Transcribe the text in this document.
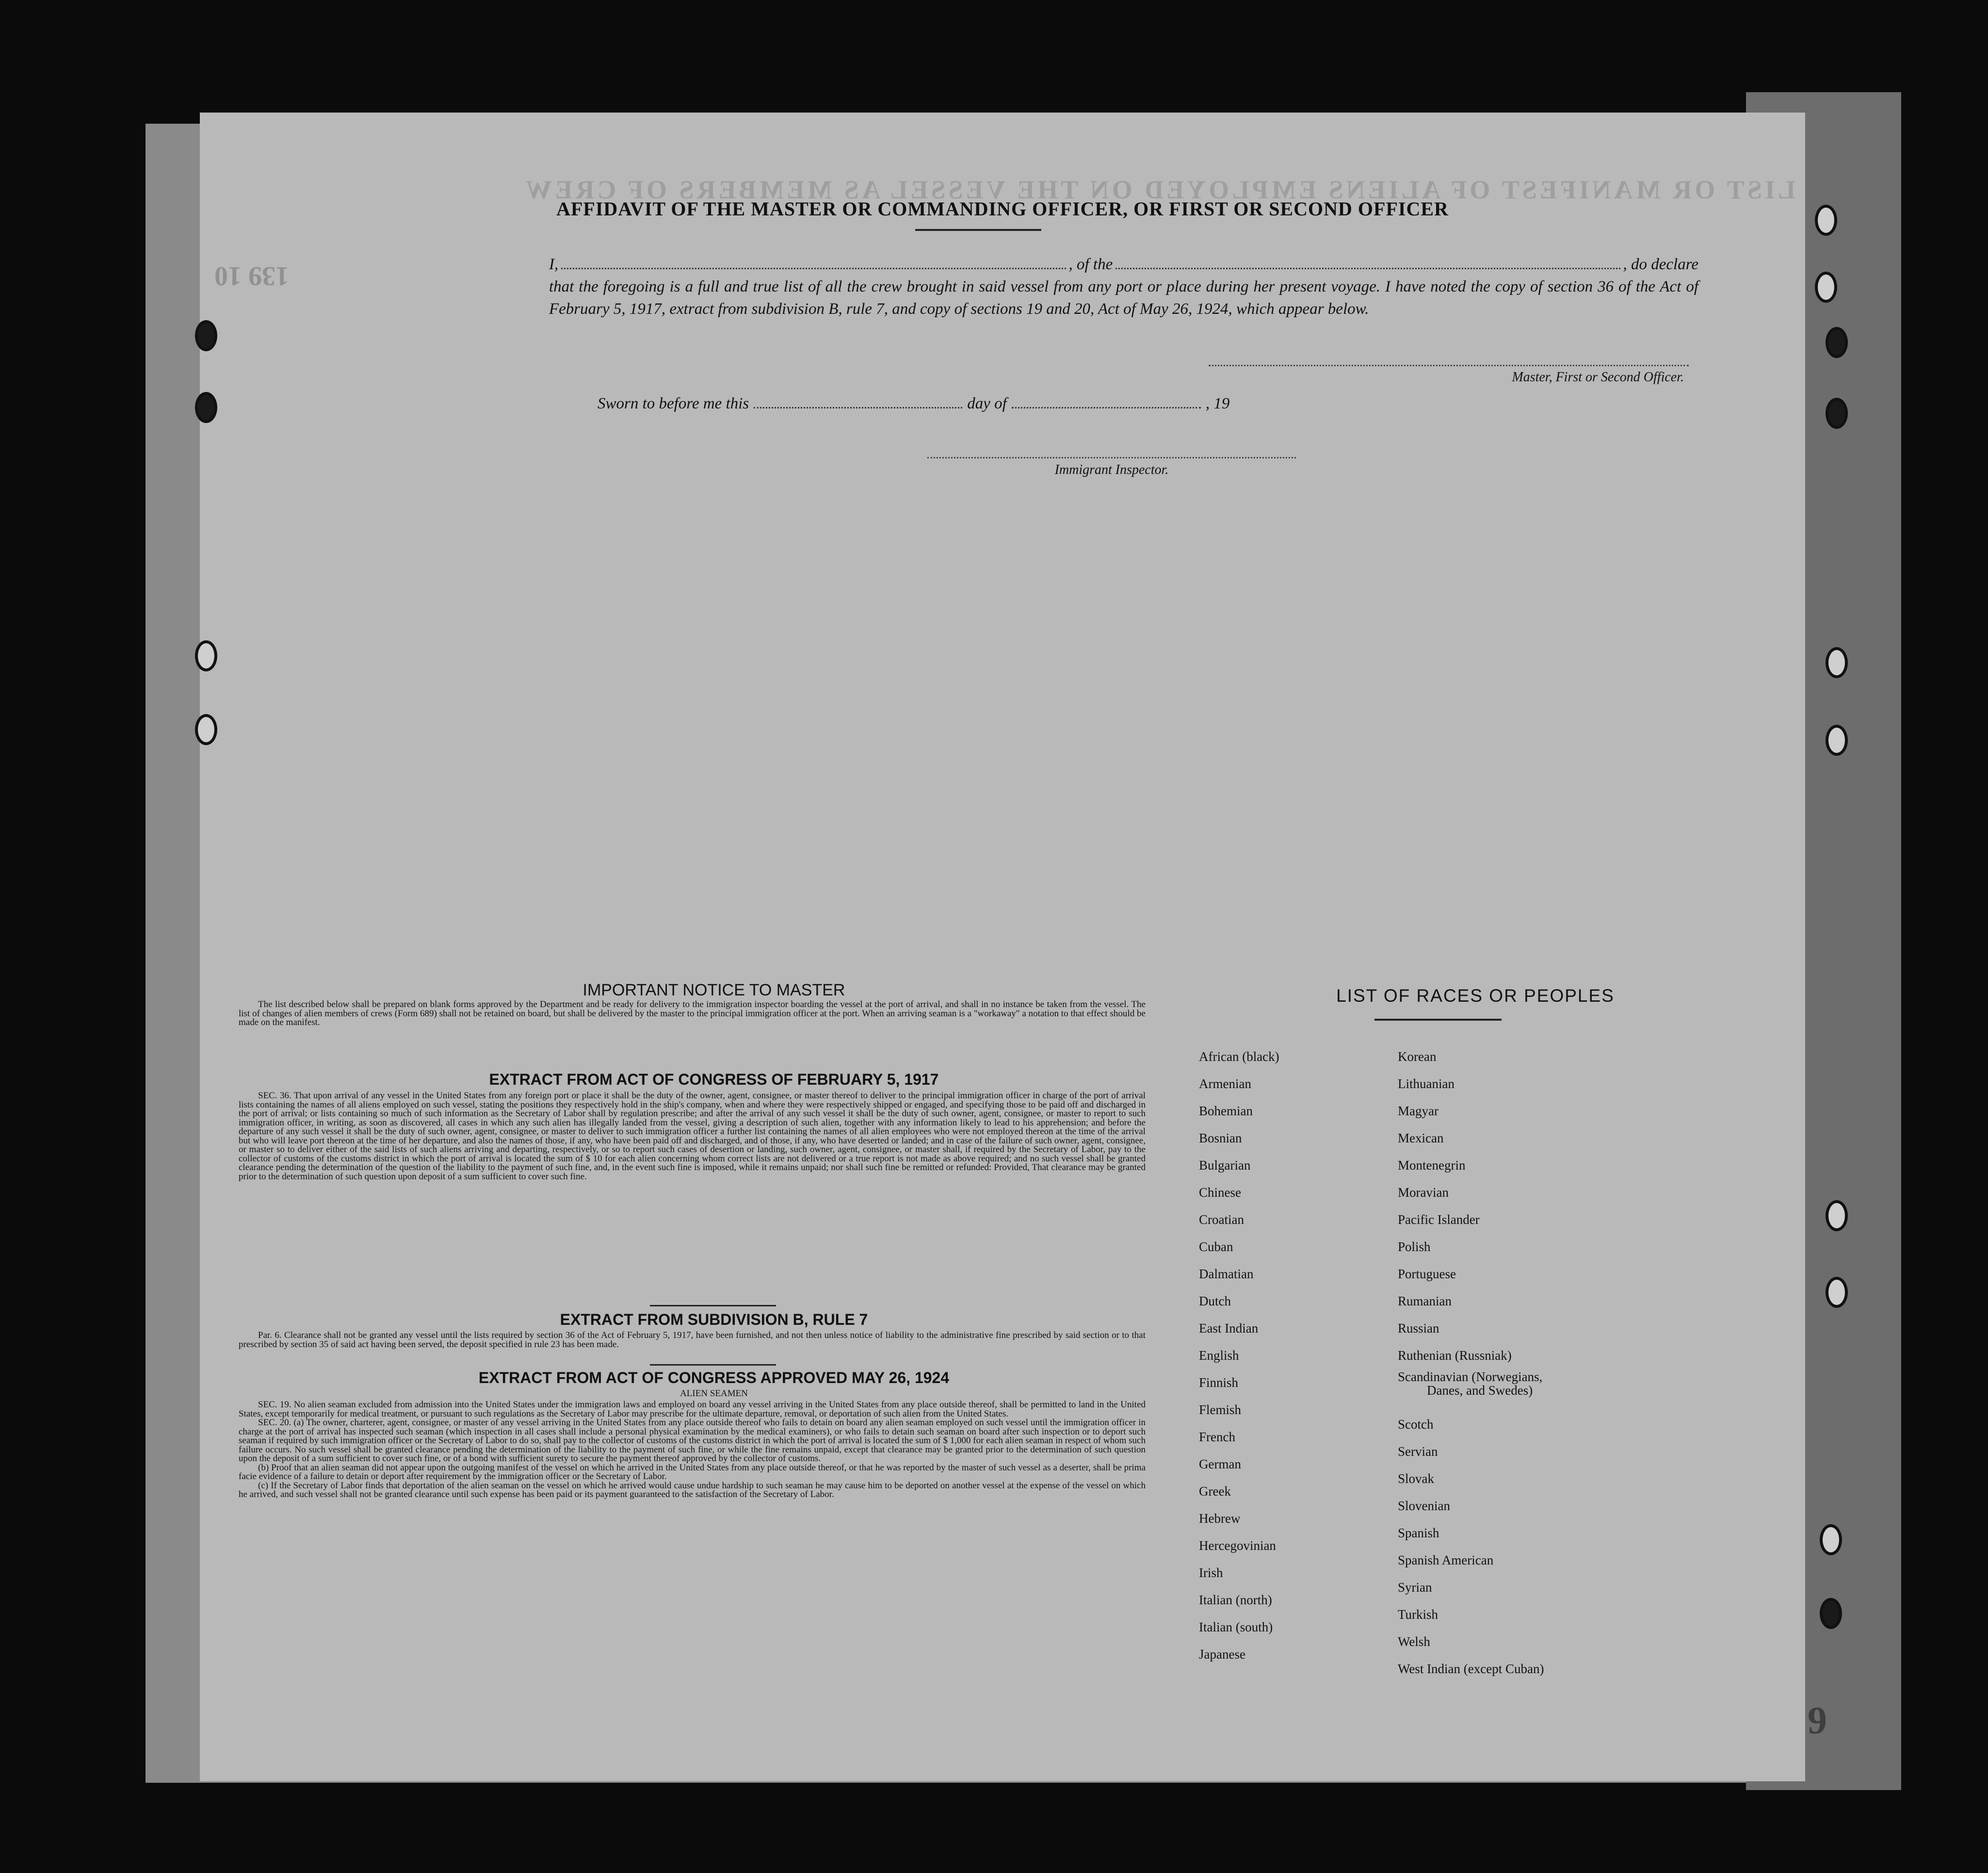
LIST OR MANIFEST OF ALIENS EMPLOYED ON THE VESSEL AS MEMBERS OF CREW
139 10
9
AFFIDAVIT OF THE MASTER OR COMMANDING OFFICER, OR FIRST OR SECOND OFFICER
I,	, of the	, do declare
that the foregoing is a full and true list of all the crew brought in said vessel from any port or place during her present voyage. I have noted the copy of section 36 of the Act of February 5, 1917, extract from subdivision B, rule 7, and copy of sections 19 and 20, Act of May 26, 1924, which appear below.
Master, First or Second Officer.
Sworn to before me this	day of	, 19
Immigrant Inspector.
IMPORTANT NOTICE TO MASTER

The list described below shall be prepared on blank forms approved by the Department and be ready for delivery to the immigration inspector boarding the vessel at the port of arrival, and shall in no instance be taken from the vessel. The list of changes of alien members of crews (Form 689) shall not be retained on board, but shall be delivered by the master to the principal immigration officer at the port. When an arriving seaman is a "workaway" a notation to that effect should be made on the manifest.

EXTRACT FROM ACT OF CONGRESS OF FEBRUARY 5, 1917

SEC. 36. That upon arrival of any vessel in the United States from any foreign port or place it shall be the duty of the owner, agent, consignee, or master thereof to deliver to the principal immigration officer in charge of the port of arrival lists containing the names of all aliens employed on such vessel, stating the positions they respectively hold in the ship's company, when and where they were respectively shipped or engaged, and specifying those to be paid off and discharged in the port of arrival; or lists containing so much of such information as the Secretary of Labor shall by regulation prescribe; and after the arrival of any such vessel it shall be the duty of such owner, agent, consignee, or master to report to such immigration officer, in writing, as soon as discovered, all cases in which any such alien has illegally landed from the vessel, giving a description of such alien, together with any information likely to lead to his apprehension; and before the departure of any such vessel it shall be the duty of such owner, agent, consignee, or master to deliver to such immigration officer a further list containing the names of all alien employees who were not employed thereon at the time of the arrival but who will leave port thereon at the time of her departure, and also the names of those, if any, who have been paid off and discharged, and of those, if any, who have deserted or landed; and in case of the failure of such owner, agent, consignee, or master so to deliver either of the said lists of such aliens arriving and departing, respectively, or so to report such cases of desertion or landing, such owner, agent, consignee, or master shall, if required by the Secretary of Labor, pay to the collector of customs of the customs district in which the port of arrival is located the sum of $ 10 for each alien concerning whom correct lists are not delivered or a true report is not made as above required; and no such vessel shall be granted clearance pending the determination of the question of the liability to the payment of such fine, and, in the event such fine is imposed, while it remains unpaid; nor shall such fine be remitted or refunded: Provided, That clearance may be granted prior to the determination of such question upon deposit of a sum sufficient to cover such fine.

EXTRACT FROM SUBDIVISION B, RULE 7

Par. 6. Clearance shall not be granted any vessel until the lists required by section 36 of the Act of February 5, 1917, have been furnished, and not then unless notice of liability to the administrative fine prescribed by said section or to that prescribed by section 35 of said act having been served, the deposit specified in rule 23 has been made.

EXTRACT FROM ACT OF CONGRESS APPROVED MAY 26, 1924
ALIEN SEAMEN

SEC. 19. No alien seaman excluded from admission into the United States under the immigration laws and employed on board any vessel arriving in the United States from any place outside thereof, shall be permitted to land in the United States, except temporarily for medical treatment, or pursuant to such regulations as the Secretary of Labor may prescribe for the ultimate departure, removal, or deportation of such alien from the United States.

SEC. 20. (a) The owner, charterer, agent, consignee, or master of any vessel arriving in the United States from any place outside thereof who fails to detain on board any alien seaman employed on such vessel until the immigration officer in charge at the port of arrival has inspected such seaman (which inspection in all cases shall include a personal physical examination by the medical examiners), or who fails to detain such seaman on board after such inspection or to deport such seaman if required by such immigration officer or the Secretary of Labor to do so, shall pay to the collector of customs of the customs district in which the port of arrival is located the sum of $ 1,000 for each alien seaman in respect of whom such failure occurs. No such vessel shall be granted clearance pending the determination of the liability to the payment of such fine, or while the fine remains unpaid, except that clearance may be granted prior to the determination of such question upon the deposit of a sum sufficient to cover such fine, or of a bond with sufficient surety to secure the payment thereof approved by the collector of customs.

(b) Proof that an alien seaman did not appear upon the outgoing manifest of the vessel on which he arrived in the United States from any place outside thereof, or that he was reported by the master of such vessel as a deserter, shall be prima facie evidence of a failure to detain or deport after requirement by the immigration officer or the Secretary of Labor.

(c) If the Secretary of Labor finds that deportation of the alien seaman on the vessel on which he arrived would cause undue hardship to such seaman he may cause him to be deported on another vessel at the expense of the vessel on which he arrived, and such vessel shall not be granted clearance until such expense has been paid or its payment guaranteed to the satisfaction of the Secretary of Labor.

LIST OF RACES OR PEOPLES
African (black)
Armenian
Bohemian
Bosnian
Bulgarian
Chinese
Croatian
Cuban
Dalmatian
Dutch
East Indian
English
Finnish
Flemish
French
German
Greek
Hebrew
Hercegovinian
Irish
Italian (north)
Italian (south)
Japanese
Korean
Lithuanian
Magyar
Mexican
Montenegrin
Moravian
Pacific Islander
Polish
Portuguese
Rumanian
Russian
Ruthenian (Russniak)
Scandinavian (Norwegians,
Danes, and Swedes)
Scotch
Servian
Slovak
Slovenian
Spanish
Spanish American
Syrian
Turkish
Welsh
West Indian (except Cuban)
